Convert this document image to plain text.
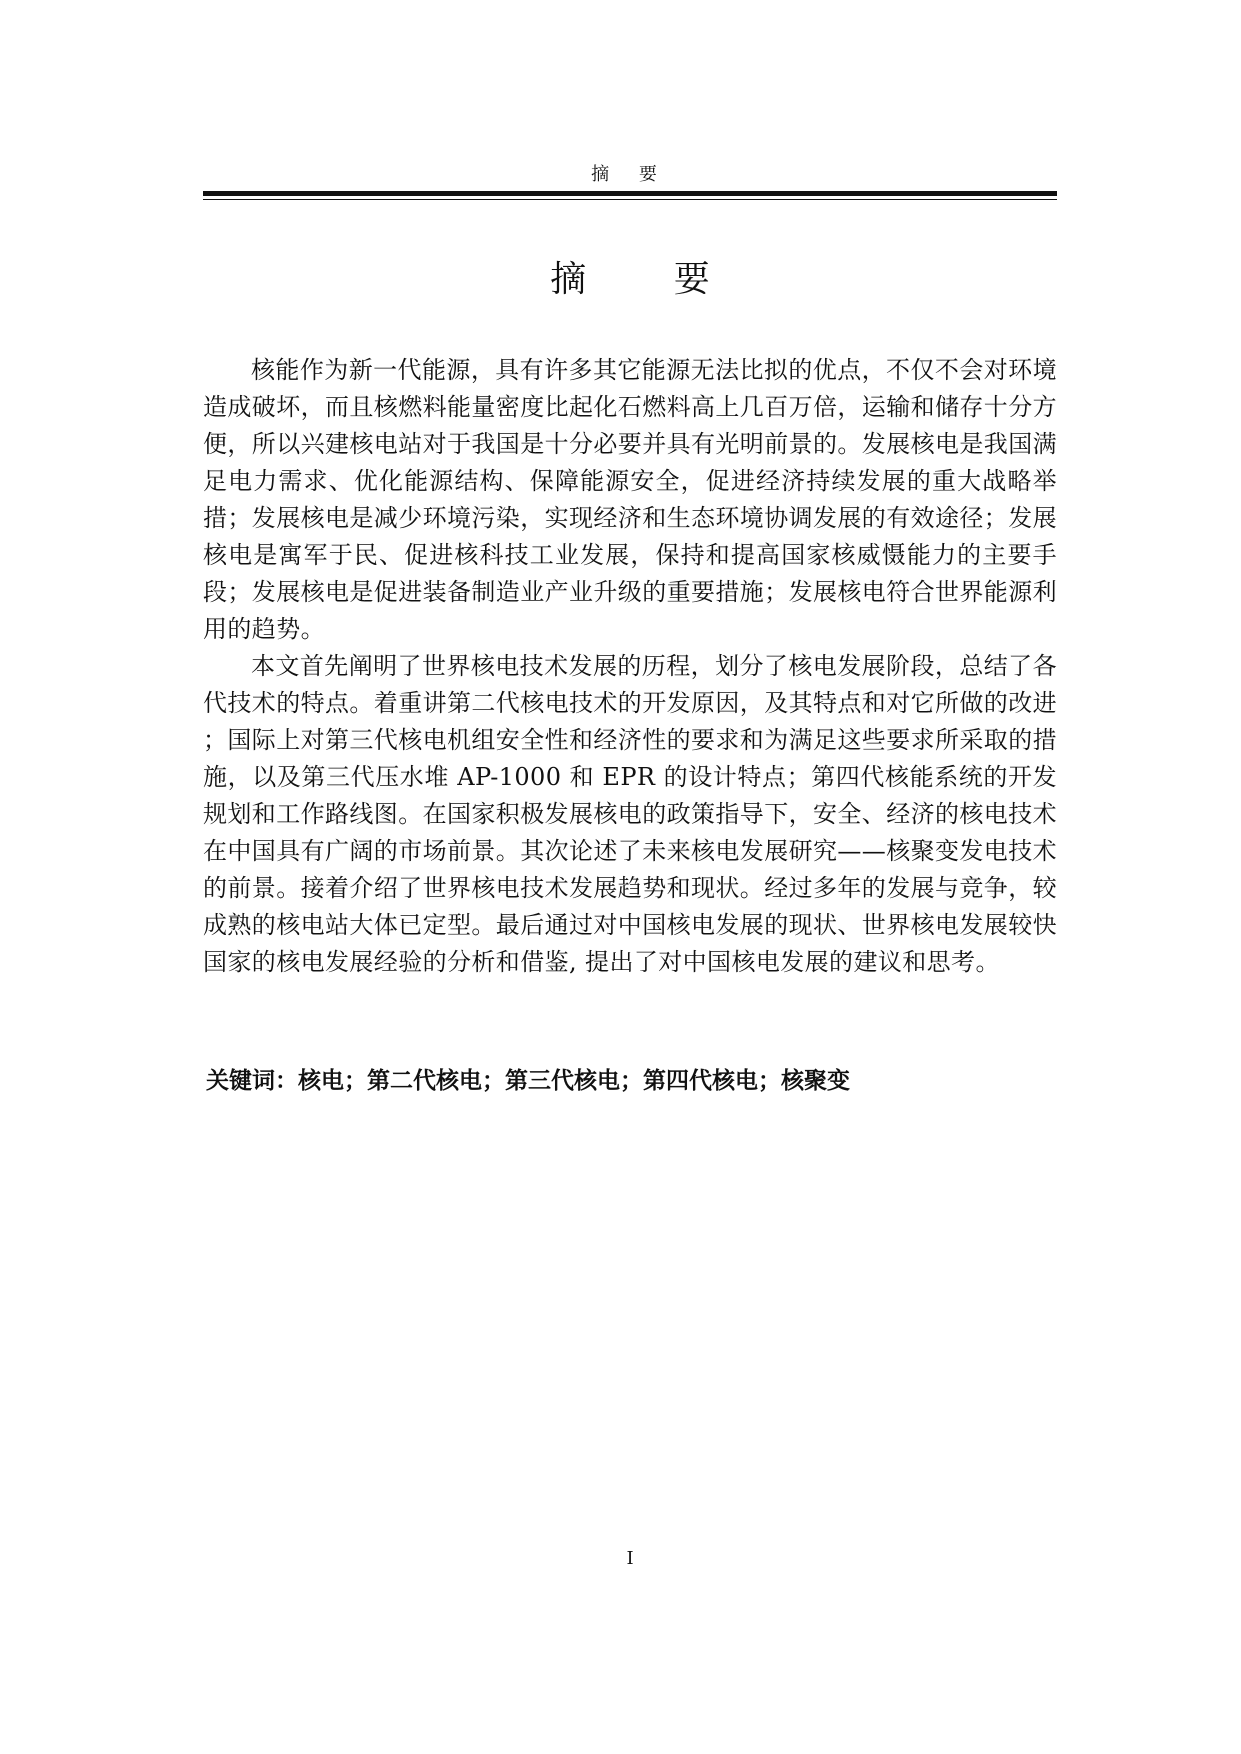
摘 要
摘 要

核能作为新一代能源，具有许多其它能源无法比拟的优点，不仅不会对环境造成破坏，而且核燃料能量密度比起化石燃料高上几百万倍，运输和储存十分方便，所以兴建核电站对于我国是十分必要并具有光明前景的。发展核电是我国满足电力需求、优化能源结构、保障能源安全，促进经济持续发展的重大战略举措；发展核电是减少环境污染，实现经济和生态环境协调发展的有效途径；发展核电是寓军于民、促进核科技工业发展，保持和提高国家核威慑能力的主要手段；发展核电是促进装备制造业产业升级的重要措施；发展核电符合世界能源利用的趋势。

本文首先阐明了世界核电技术发展的历程，划分了核电发展阶段，总结了各代技术的特点。着重讲第二代核电技术的开发原因，及其特点和对它所做的改进 ；国际上对第三代核电机组安全性和经济性的要求和为满足这些要求所采取的措施，以及第三代压水堆 AP-1000 和 EPR 的设计特点；第四代核能系统的开发规划和工作路线图。在国家积极发展核电的政策指导下，安全、经济的核电技术在中国具有广阔的市场前景。其次论述了未来核电发展研究——核聚变发电技术的前景。接着介绍了世界核电技术发展趋势和现状。经过多年的发展与竞争，较成熟的核电站大体已定型。最后通过对中国核电发展的现状、世界核电发展较快国家的核电发展经验的分析和借鉴, 提出了对中国核电发展的建议和思考。

关键词：核电；第二代核电；第三代核电；第四代核电；核聚变
I
